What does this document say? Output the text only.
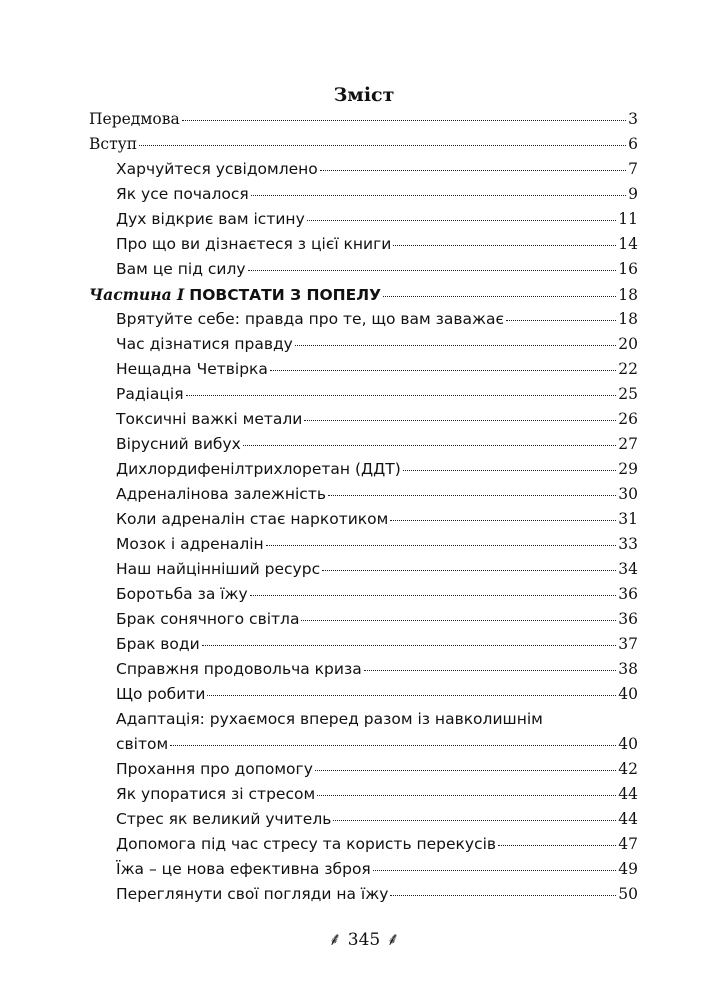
Зміст
Передмова	3
Вступ	6
Харчуйтеся усвідомлено	7
Як усе почалося	9
Дух відкриє вам істину	11
Про що ви дізнаєтеся з цієї книги	14
Вам це під силу	16
Частина I ПОВСТАТИ З ПОПЕЛУ	18
Врятуйте себе: правда про те, що вам заважає	18
Час дізнатися правду	20
Нещадна Четвірка	22
Радіація	25
Токсичні важкі метали	26
Вірусний вибух	27
Дихлордифенілтрихлоретан (ДДТ)	29
Адреналінова залежність	30
Коли адреналін стає наркотиком	31
Мозок і адреналін	33
Наш найцінніший ресурс	34
Боротьба за їжу	36
Брак сонячного світла	36
Брак води	37
Справжня продовольча криза	38
Що робити	40
Адаптація: рухаємося вперед разом із навколишнім
світом	40
Прохання про допомогу	42
Як упоратися зі стресом	44
Стрес як великий учитель	44
Допомога під час стресу та користь перекусів	47
Їжа – це нова ефективна зброя	49
Переглянути свої погляди на їжу	50
⸙ 345 ⸙
